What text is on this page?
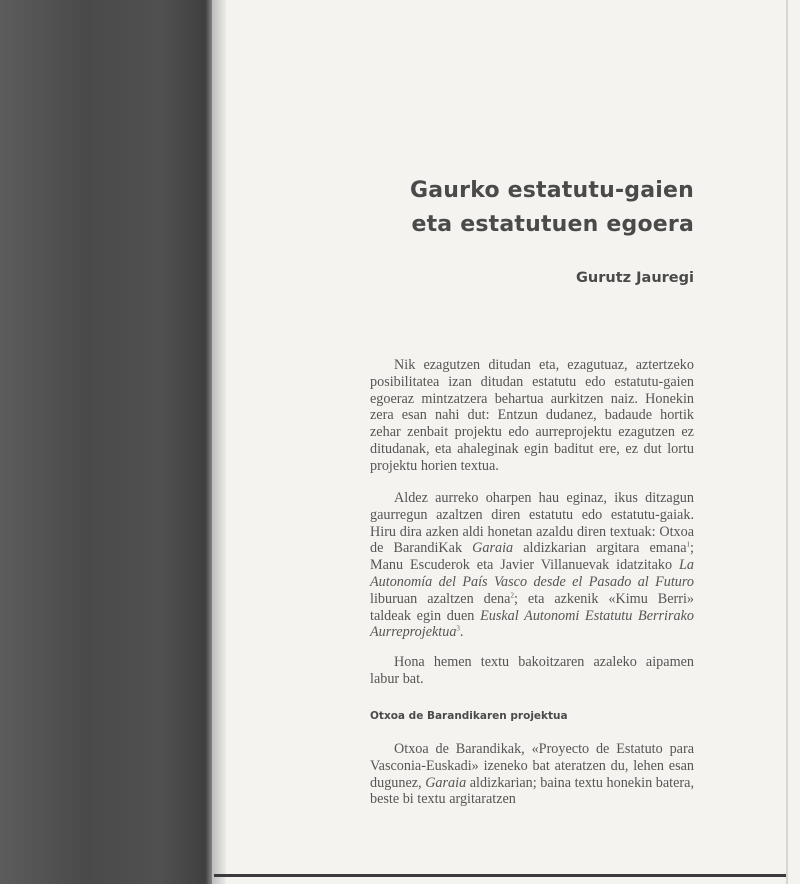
Gaurko estatutu-gaien
eta estatutuen egoera
Gurutz Jauregi

Nik ezagutzen ditudan eta, ezagutuaz, aztertzeko posibilitatea izan ditudan estatutu edo estatutu-gaien egoeraz mintzatzera behartua aurkitzen naiz. Honekin zera esan nahi dut: Entzun dudanez, badaude hortik zehar zenbait projektu edo aurreprojektu ezagutzen ez ditudanak, eta ahaleginak egin baditut ere, ez dut lortu projektu horien textua.

Aldez aurreko oharpen hau eginaz, ikus ditzagun gaurregun azaltzen diren estatutu edo estatutu-gaiak. Hiru dira azken aldi honetan azaldu diren textuak: Otxoa de BarandiKak Garaia aldizkarian argitara emana$^1$; Manu Escuderok eta Javier Villanuevak idatzitako La Autonomía del País Vasco desde el Pasado al Futuro liburuan azaltzen dena$^2$; eta azkenik «Kimu Berri» taldeak egin duen Euskal Autonomi Estatutu Berrirako Aurreprojektua$^3$.

Hona hemen textu bakoitzaren azaleko aipamen labur bat.

Otxoa de Barandikaren projektua

Otxoa de Barandikak, «Proyecto de Estatuto para Vasconia-Euskadi» izeneko bat ateratzen du, lehen esan dugunez, Garaia aldizkarian; baina textu honekin batera, beste bi textu argitaratzen
